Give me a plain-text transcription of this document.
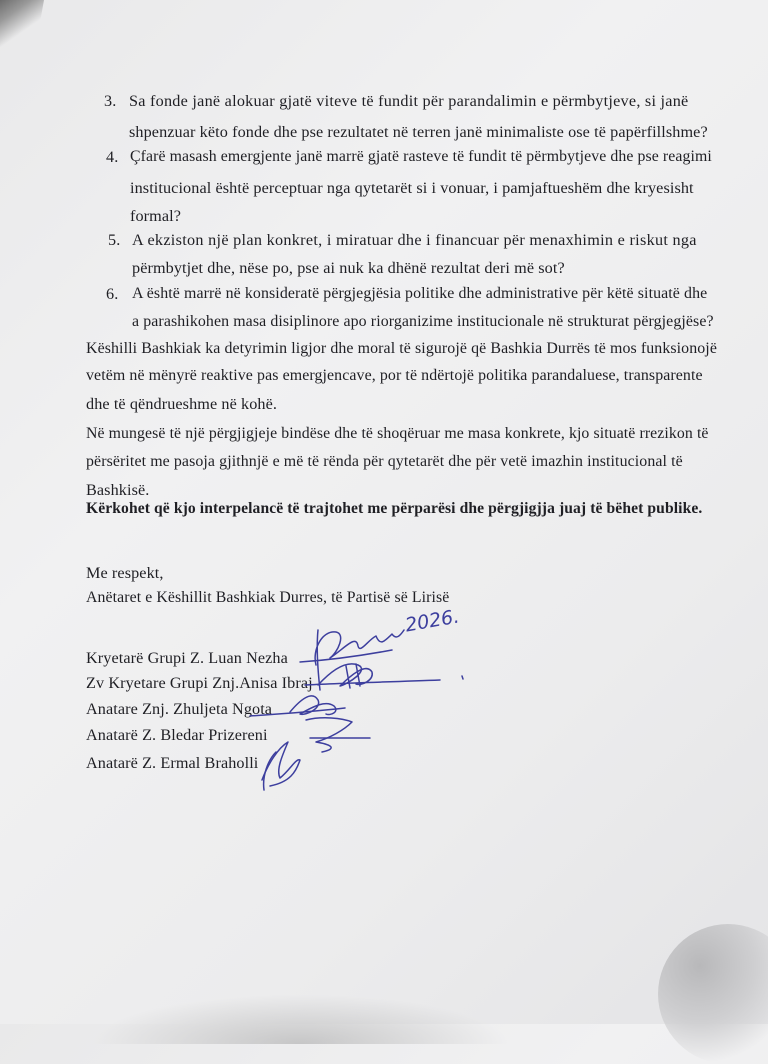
3. Sa fonde janë alokuar gjatë viteve të fundit për parandalimin e përmbytjeve, si janë
shpenzuar këto fonde dhe pse rezultatet në terren janë minimaliste ose të papërfillshme?
4. Çfarë masash emergjente janë marrë gjatë rasteve të fundit të përmbytjeve dhe pse reagimi
institucional është perceptuar nga qytetarët si i vonuar, i pamjaftueshëm dhe kryesisht
formal?
5. A ekziston një plan konkret, i miratuar dhe i financuar për menaxhimin e riskut nga
përmbytjet dhe, nëse po, pse ai nuk ka dhënë rezultat deri më sot?
6. A është marrë në konsideratë përgjegjësia politike dhe administrative për këtë situatë dhe
a parashikohen masa disiplinore apo riorganizime institucionale në strukturat përgjegjëse?
Këshilli Bashkiak ka detyrimin ligjor dhe moral të sigurojë që Bashkia Durrës të mos funksionojë
vetëm në mënyrë reaktive pas emergjencave, por të ndërtojë politika parandaluese, transparente
dhe të qëndrueshme në kohë.
Në mungesë të një përgjigjeje bindëse dhe të shoqëruar me masa konkrete, kjo situatë rrezikon të
përsëritet me pasoja gjithnjë e më të rënda për qytetarët dhe për vetë imazhin institucional të
Bashkisë.
Kërkohet që kjo interpelancë të trajtohet me përparësi dhe përgjigjja juaj të bëhet publike.
Me respekt,
Anëtaret e Këshillit Bashkiak Durres, të Partisë së Lirisë
Kryetarë Grupi Z. Luan Nezha
Zv Kryetare Grupi Znj.Anisa Ibraj
Anatare Znj. Zhuljeta Ngota
Anatarë Z. Bledar Prizereni
Anatarë Z. Ermal Braholli
2026.
